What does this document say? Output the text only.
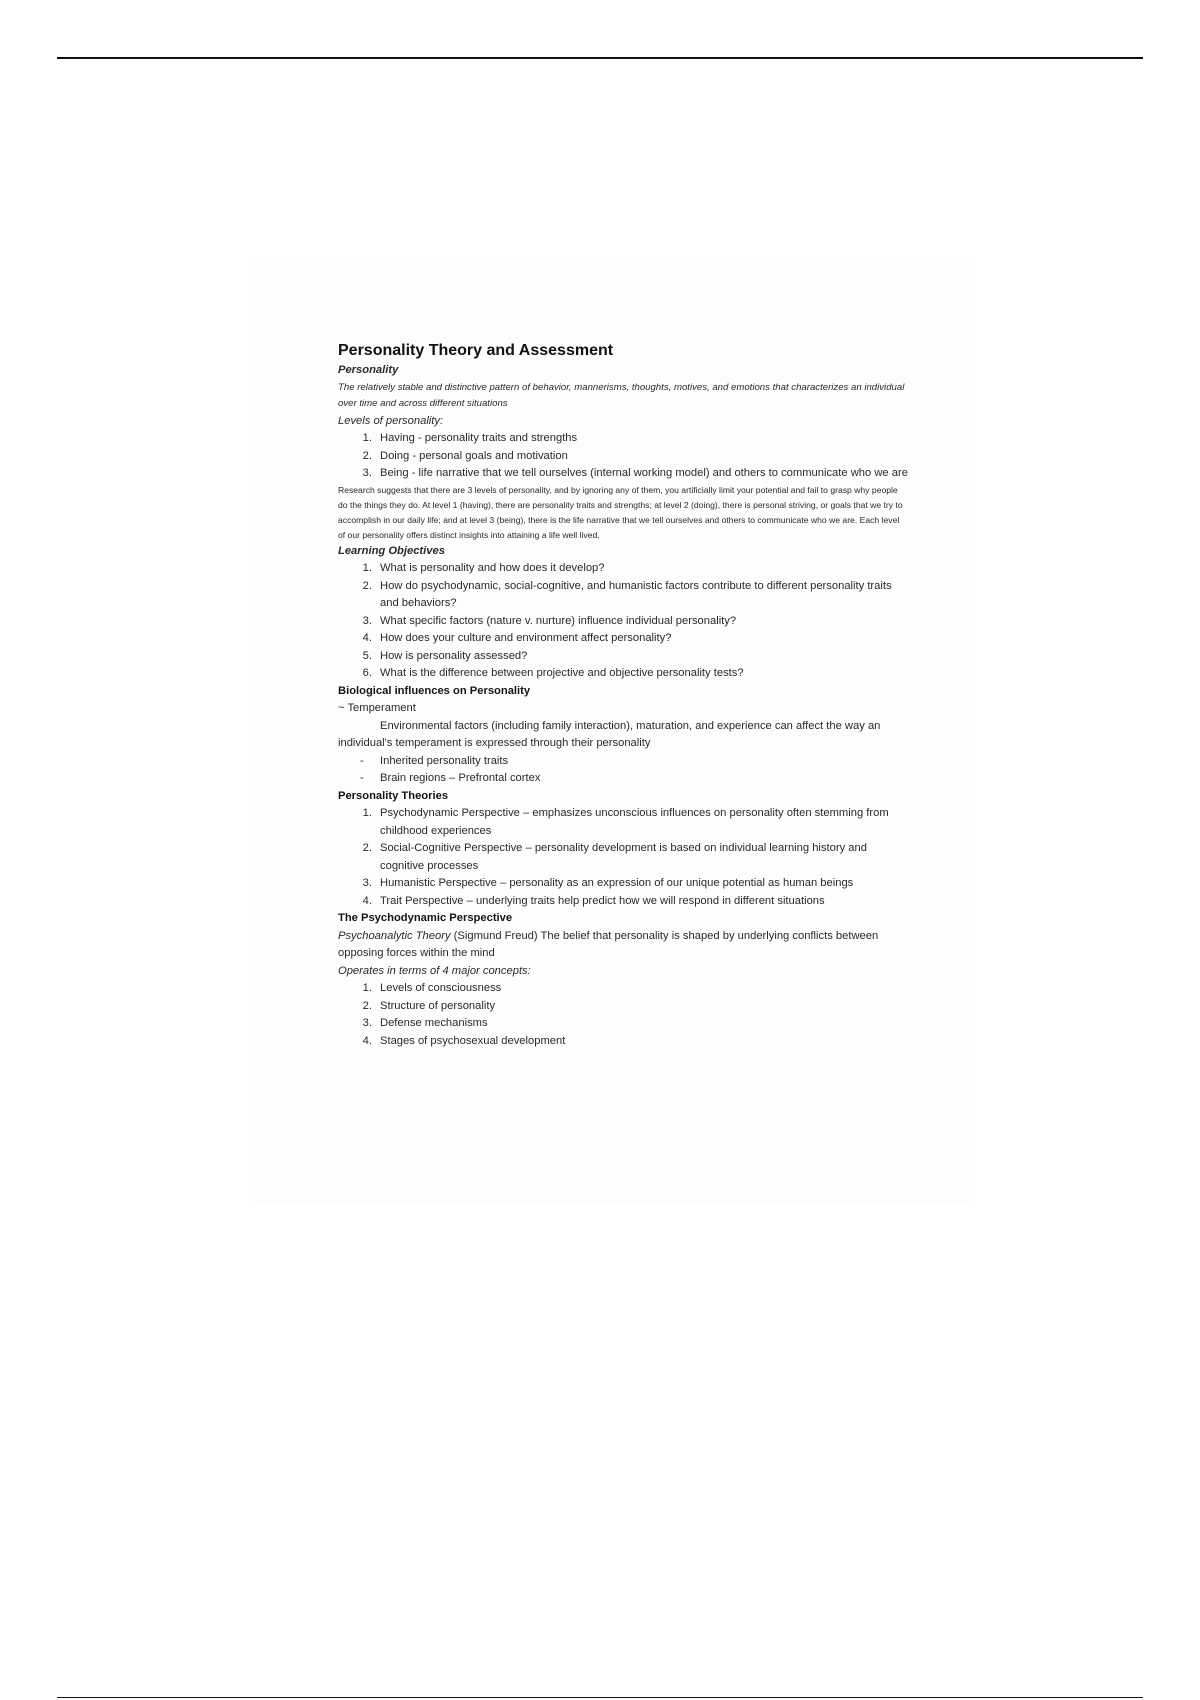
Personality Theory and Assessment
Personality
The relatively stable and distinctive pattern of behavior, mannerisms, thoughts, motives, and emotions that characterizes an individual over time and across different situations
Levels of personality:
1. Having - personality traits and strengths
2. Doing - personal goals and motivation
3. Being - life narrative that we tell ourselves (internal working model) and others to communicate who we are
Research suggests that there are 3 levels of personality, and by ignoring any of them, you artificially limit your potential and fail to grasp why people do the things they do. At level 1 (having), there are personality traits and strengths; at level 2 (doing), there is personal striving, or goals that we try to accomplish in our daily life; and at level 3 (being), there is the life narrative that we tell ourselves and others to communicate who we are. Each level of our personality offers distinct insights into attaining a life well lived.
Learning Objectives
1. What is personality and how does it develop?
2. How do psychodynamic, social-cognitive, and humanistic factors contribute to different personality traits and behaviors?
3. What specific factors (nature v. nurture) influence individual personality?
4. How does your culture and environment affect personality?
5. How is personality assessed?
6. What is the difference between projective and objective personality tests?
Biological influences on Personality
~ Temperament
Environmental factors (including family interaction), maturation, and experience can affect the way an individual's temperament is expressed through their personality
- Inherited personality traits
- Brain regions – Prefrontal cortex
Personality Theories
1. Psychodynamic Perspective – emphasizes unconscious influences on personality often stemming from childhood experiences
2. Social-Cognitive Perspective – personality development is based on individual learning history and cognitive processes
3. Humanistic Perspective – personality as an expression of our unique potential as human beings
4. Trait Perspective – underlying traits help predict how we will respond in different situations
The Psychodynamic Perspective
Psychoanalytic Theory (Sigmund Freud) The belief that personality is shaped by underlying conflicts between opposing forces within the mind
Operates in terms of 4 major concepts:
1. Levels of consciousness
2. Structure of personality
3. Defense mechanisms
4. Stages of psychosexual development
